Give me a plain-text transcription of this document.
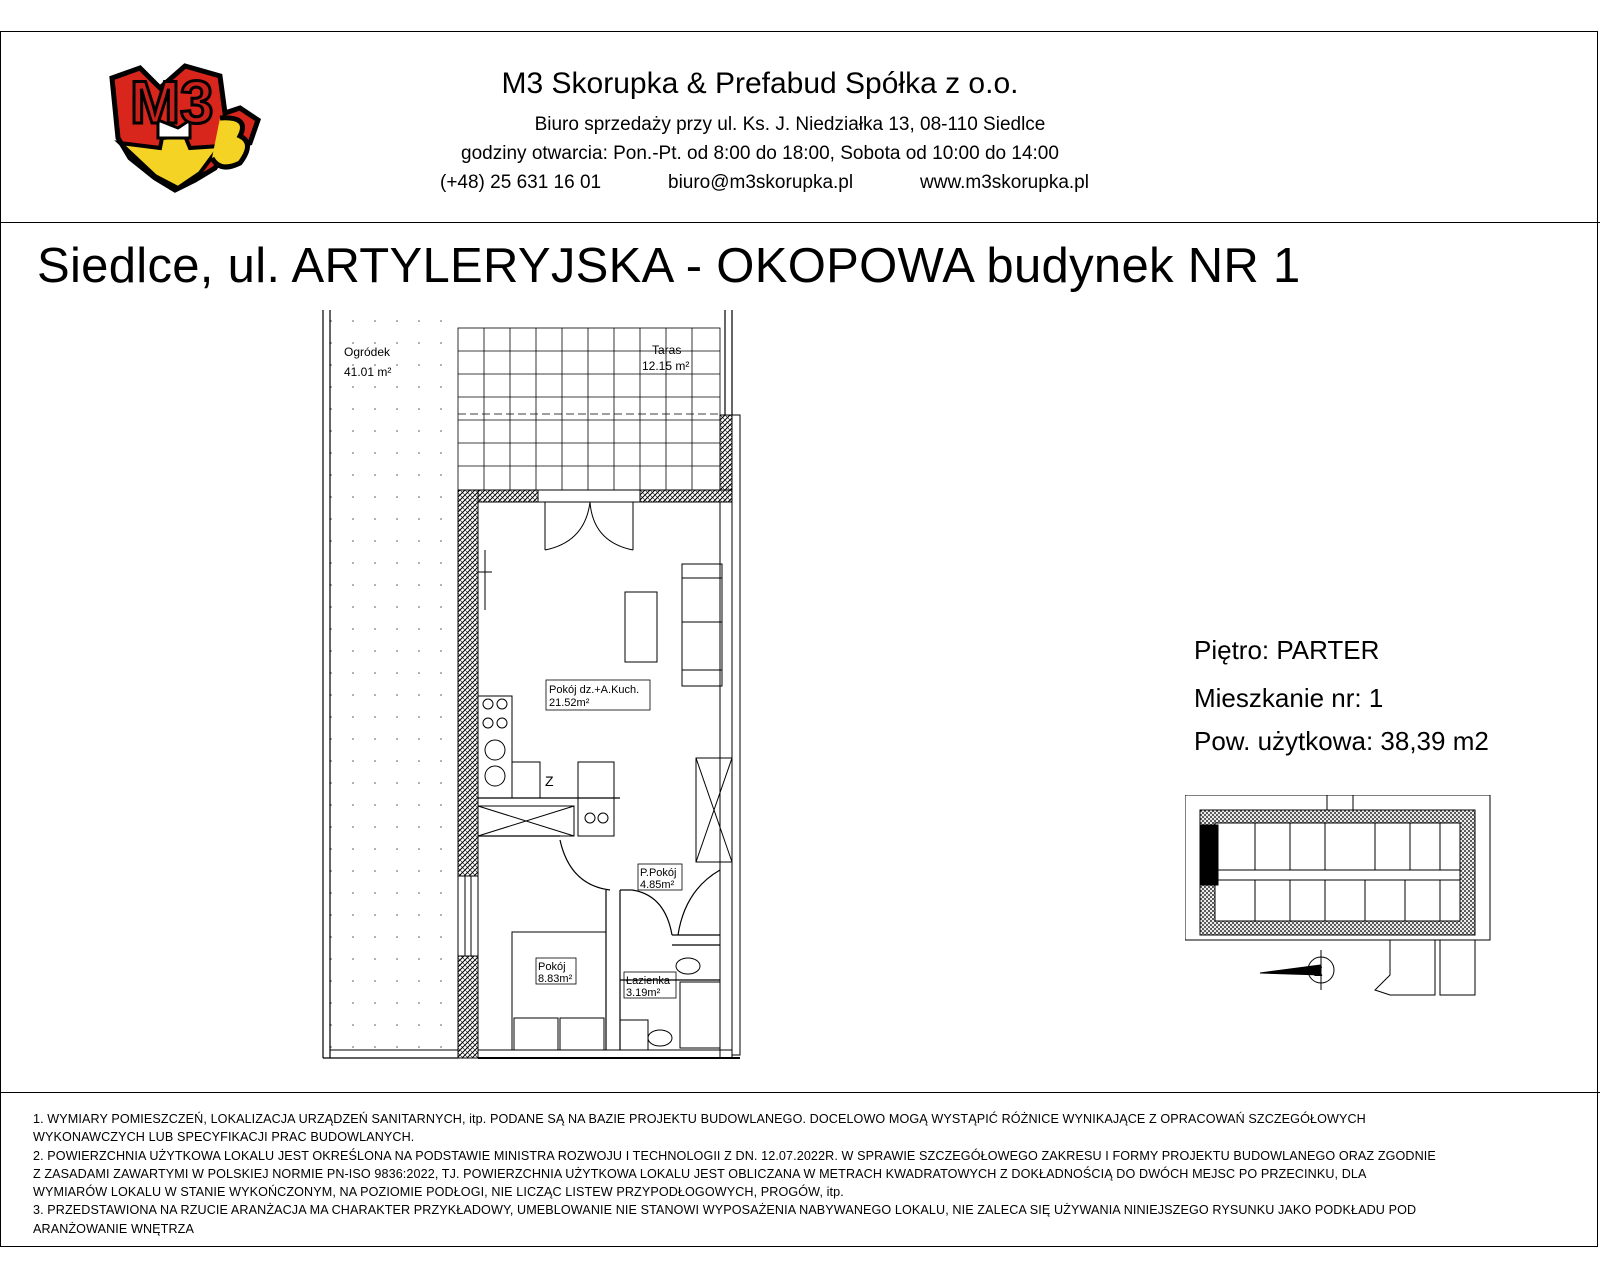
M3	M3 Skorupka & Prefabud Spółka z o.o.
Biuro sprzedaży przy ul. Ks. J. Niedziałka 13, 08-110 Siedlce
godziny otwarcia: Pon.-Pt. od 8:00 do 18:00, Sobota od 10:00 do 14:00
(+48) 25 631 16 01	biuro@m3skorupka.pl	www.m3skorupka.pl
Siedlce, ul. ARTYLERYJSKA - OKOPOWA budynek NR 1
Piętro: PARTER
Mieszkanie nr: 1
Pow. użytkowa: 38,39 m2
Ogródek
41.01 m²
Taras
12.15 m²
Pokój dz.+A.Kuch.
21.52m²
P.Pokój
4.85m²
Pokój
8.83m²	Łazienka
3.19m²
Z
Z
1. WYMIARY POMIESZCZEŃ, LOKALIZACJA URZĄDZEŃ SANITARNYCH, itp. PODANE SĄ NA BAZIE PROJEKTU BUDOWLANEGO. DOCELOWO MOGĄ WYSTĄPIĆ RÓŻNICE WYNIKAJĄCE Z OPRACOWAŃ SZCZEGÓŁOWYCH
WYKONAWCZYCH LUB SPECYFIKACJI PRAC BUDOWLANYCH.
2. POWIERZCHNIA UŻYTKOWA LOKALU JEST OKREŚLONA NA PODSTAWIE MINISTRA ROZWOJU I TECHNOLOGII Z DN. 12.07.2022R. W SPRAWIE SZCZEGÓŁOWEGO ZAKRESU I FORMY PROJEKTU BUDOWLANEGO ORAZ ZGODNIE
Z ZASADAMI ZAWARTYMI W POLSKIEJ NORMIE PN-ISO 9836:2022, TJ. POWIERZCHNIA UŻYTKOWA LOKALU JEST OBLICZANA W METRACH KWADRATOWYCH Z DOKŁADNOŚCIĄ DO DWÓCH MEJSC PO PRZECINKU, DLA
WYMIARÓW LOKALU W STANIE WYKOŃCZONYM, NA POZIOMIE PODŁOGI, NIE LICZĄC LISTEW PRZYPODŁOGOWYCH, PROGÓW, itp.
3. PRZEDSTAWIONA NA RZUCIE ARANŻACJA MA CHARAKTER PRZYKŁADOWY, UMEBLOWANIE NIE STANOWI WYPOSAŻENIA NABYWANEGO LOKALU, NIE ZALECA SIĘ UŻYWANIA NINIEJSZEGO RYSUNKU JAKO PODKŁADU POD
ARANŻOWANIE WNĘTRZA
